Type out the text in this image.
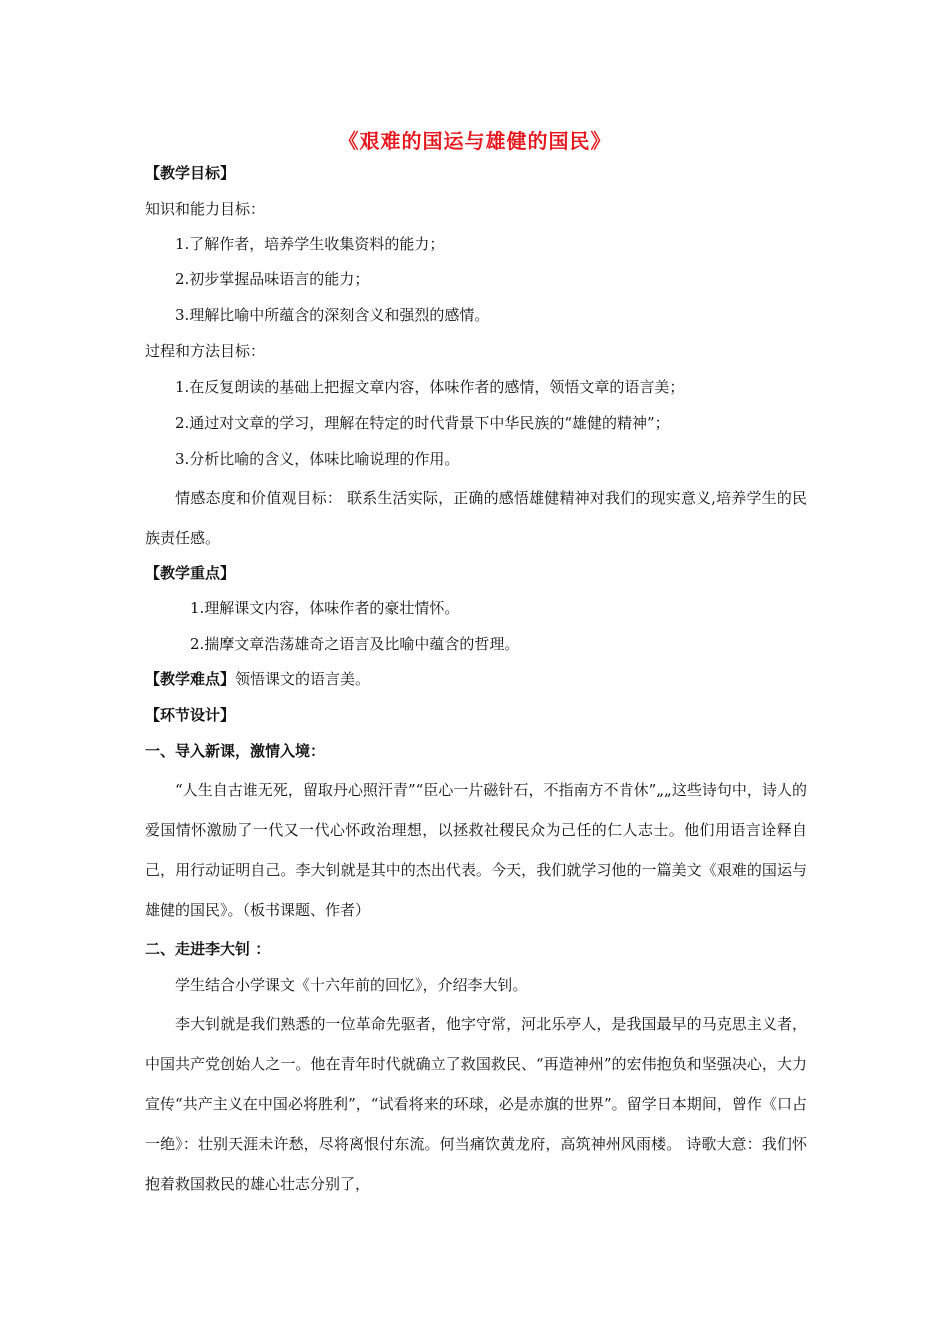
《艰难的国运与雄健的国民》
【教学目标】
知识和能力目标：
1.了解作者，培养学生收集资料的能力；
2.初步掌握品味语言的能力；
3.理解比喻中所蕴含的深刻含义和强烈的感情。
过程和方法目标：
1.在反复朗读的基础上把握文章内容，体味作者的感情，领悟文章的语言美；
2.通过对文章的学习，理解在特定的时代背景下中华民族的“雄健的精神”；
3.分析比喻的含义，体味比喻说理的作用。
情感态度和价值观目标： 联系生活实际，正确的感悟雄健精神对我们的现实意义,培养学生的民族责任感。
【教学重点】
1.理解课文内容，体味作者的豪壮情怀。
2.揣摩文章浩荡雄奇之语言及比喻中蕴含的哲理。
【教学难点】领悟课文的语言美。
【环节设计】
一、导入新课，激情入境：
“人生自古谁无死，留取丹心照汗青”“臣心一片磁针石，不指南方不肯休”„„这些诗句中，诗人的爱国情怀激励了一代又一代心怀政治理想，以拯救社稷民众为己任的仁人志士。他们用语言诠释自己，用行动证明自己。李大钊就是其中的杰出代表。今天，我们就学习他的一篇美文《艰难的国运与雄健的国民》。（板书课题、作者）
二、走进李大钊 ：
学生结合小学课文《十六年前的回忆》，介绍李大钊。
李大钊就是我们熟悉的一位革命先驱者，他字守常，河北乐亭人，是我国最早的马克思主义者，中国共产党创始人之一。他在青年时代就确立了救国救民、“再造神州”的宏伟抱负和坚强决心，大力宣传“共产主义在中国必将胜利”，“试看将来的环球，必是赤旗的世界”。留学日本期间，曾作《口占一绝》：壮别天涯未许愁，尽将离恨付东流。何当痛饮黄龙府，高筑神州风雨楼。 诗歌大意：我们怀抱着救国救民的雄心壮志分别了，
